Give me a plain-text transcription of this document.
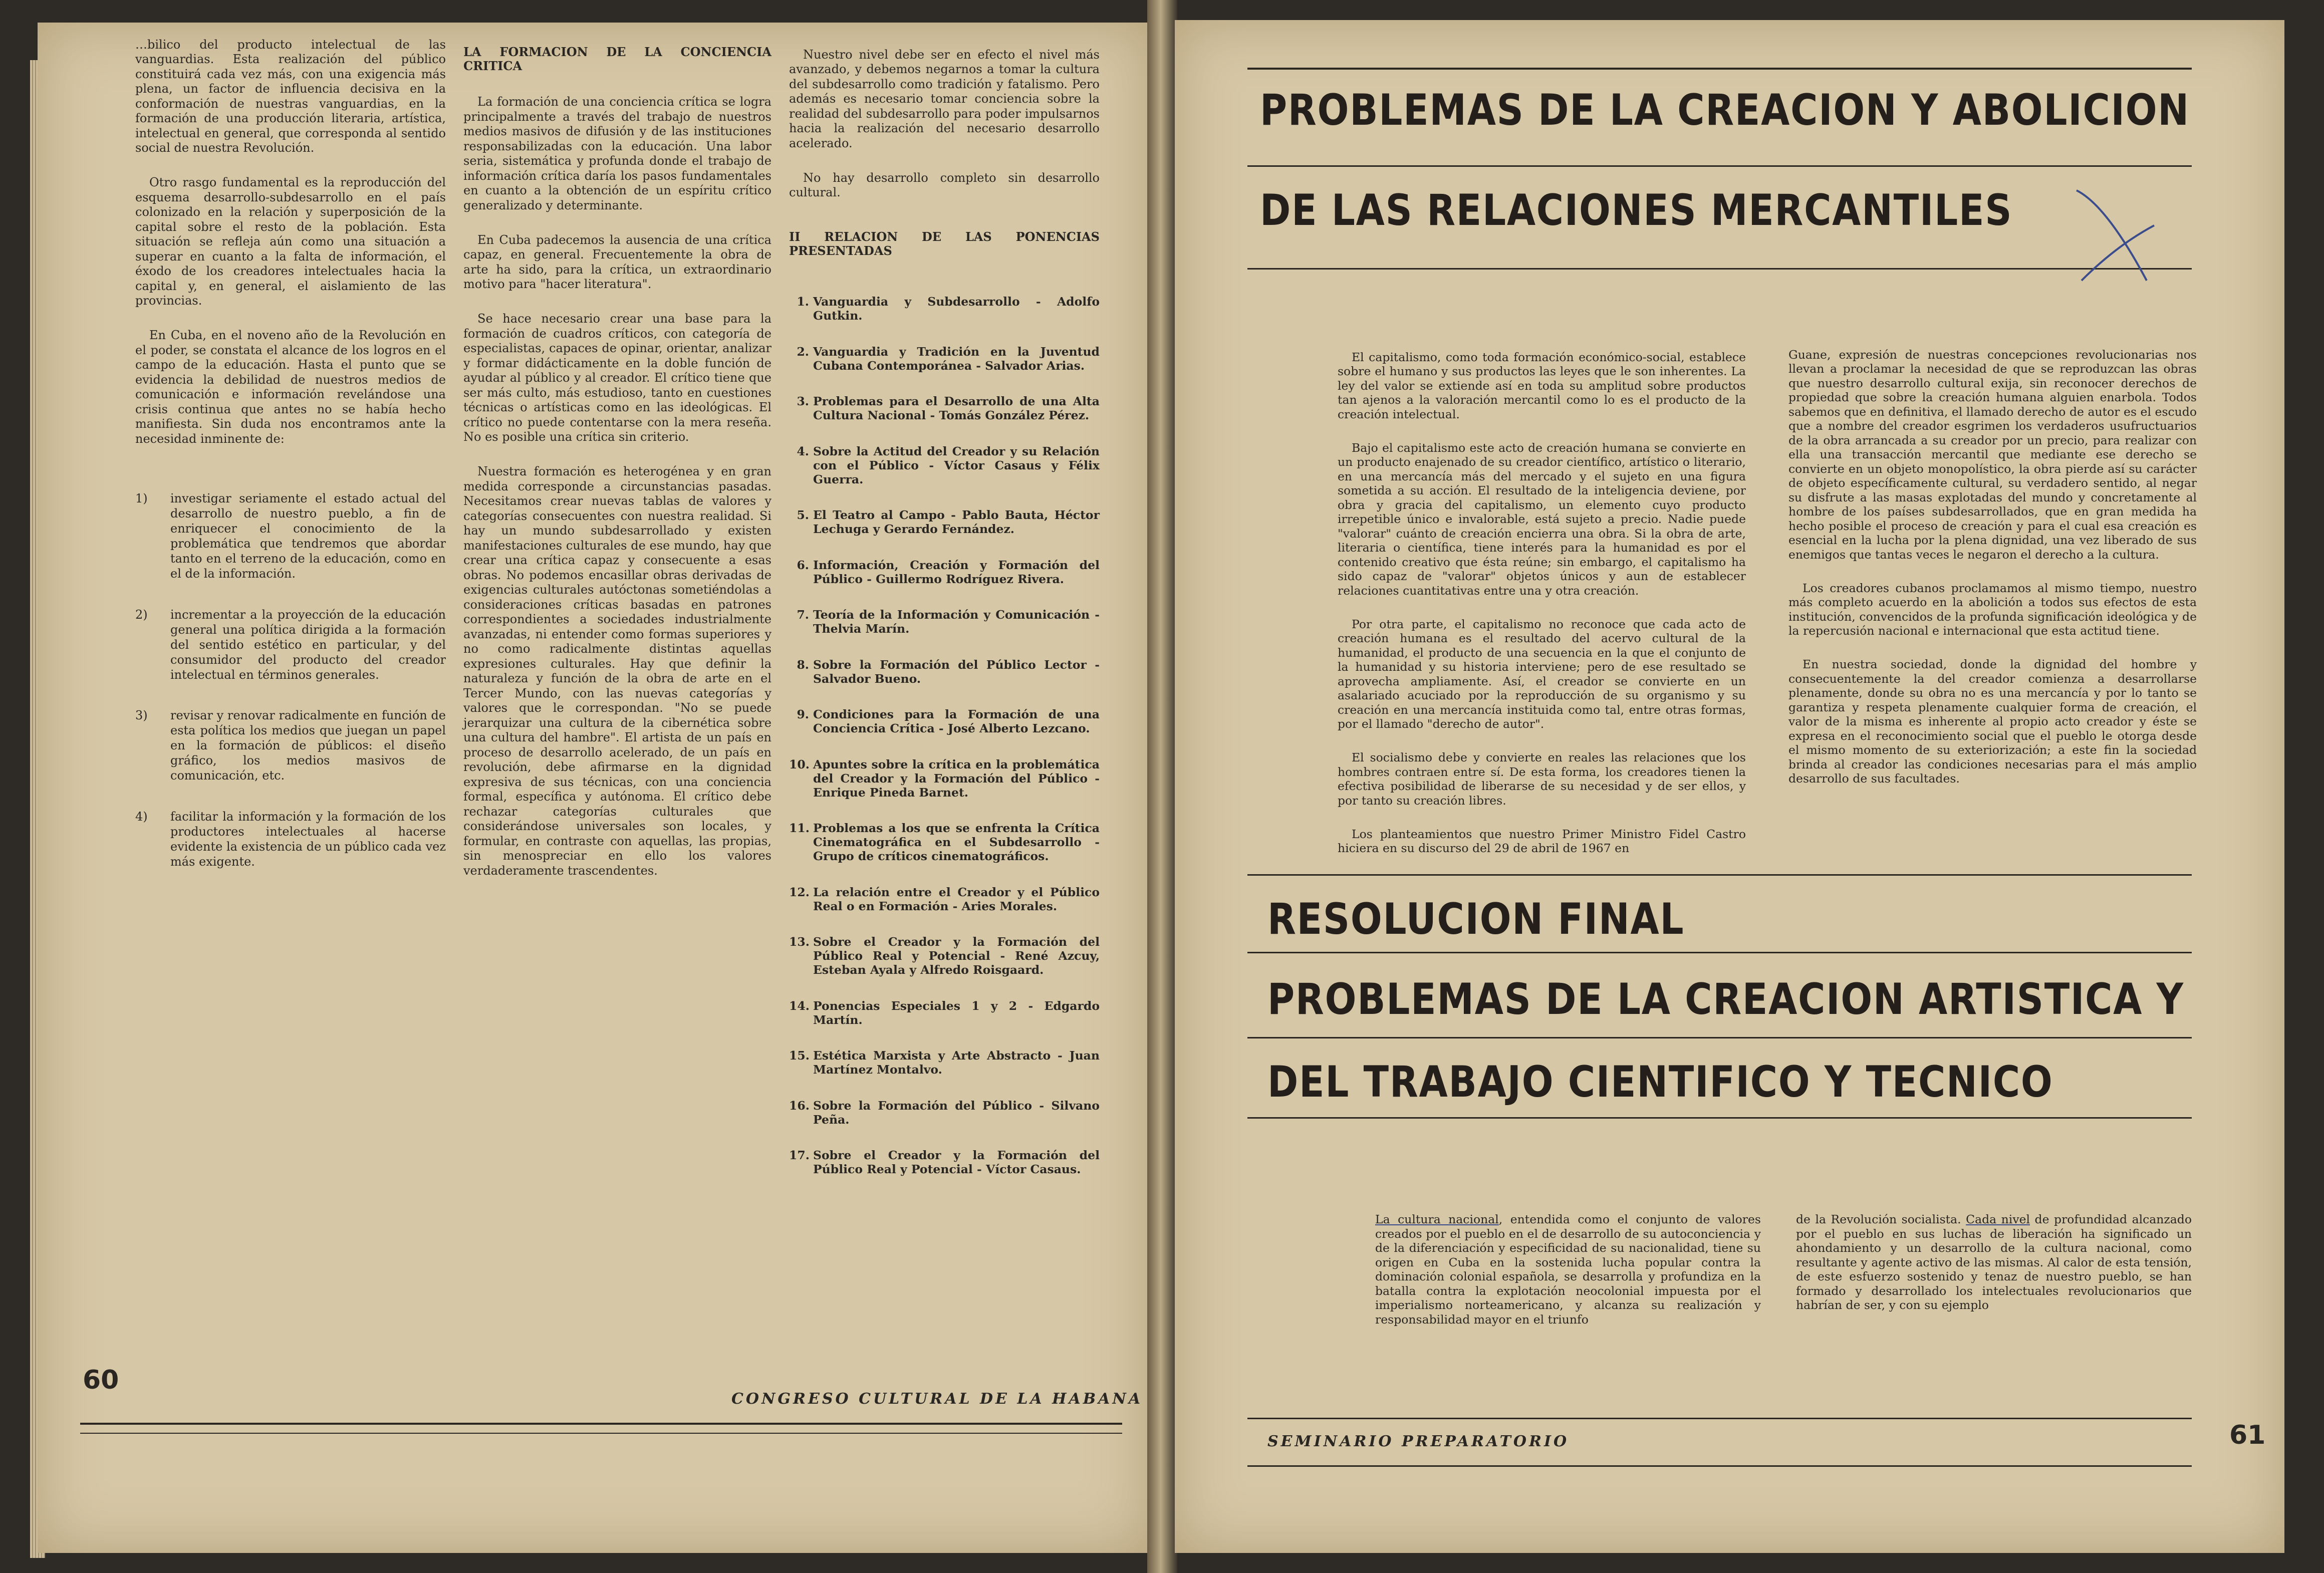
…bilico del producto intelectual de las vanguardias. Esta realización del público constituirá cada vez más, con una exigencia más plena, un factor de influencia decisiva en la conformación de nuestras vanguardias, en la formación de una producción literaria, artística, intelectual en general, que corresponda al sentido social de nuestra Revolución.

Otro rasgo fundamental es la reproducción del esquema desarrollo-subdesarrollo en el país colonizado en la relación y superposición de la capital sobre el resto de la población. Esta situación se refleja aún como una situación a superar en cuanto a la falta de información, el éxodo de los creadores intelectuales hacia la capital y, en general, el aislamiento de las provincias.

En Cuba, en el noveno año de la Revolución en el poder, se constata el alcance de los logros en el campo de la educación. Hasta el punto que se evidencia la debilidad de nuestros medios de comunicación e información revelándose una crisis continua que antes no se había hecho manifiesta. Sin duda nos encontramos ante la necesidad inminente de:

1)	investigar seriamente el estado actual del desarrollo de nuestro pueblo, a fin de enriquecer el conocimiento de la problemática que tendremos que abordar tanto en el terreno de la educación, como en el de la información.

2)	incrementar a la proyección de la educación general una política dirigida a la formación del sentido estético en particular, y del consumidor del producto del creador intelectual en términos generales.

3)	revisar y renovar radicalmente en función de esta política los medios que juegan un papel en la formación de públicos: el diseño gráfico, los medios masivos de comunicación, etc.

4)	facilitar la información y la formación de los productores intelectuales al hacerse evidente la existencia de un público cada vez más exigente.

LA FORMACION DE LA CONCIENCIA CRITICA

La formación de una conciencia crítica se logra principalmente a través del trabajo de nuestros medios masivos de difusión y de las instituciones responsabilizadas con la educación. Una labor seria, sistemática y profunda donde el trabajo de información crítica daría los pasos fundamentales en cuanto a la obtención de un espíritu crítico generalizado y determinante.

En Cuba padecemos la ausencia de una crítica capaz, en general. Frecuentemente la obra de arte ha sido, para la crítica, un extraordinario motivo para "hacer literatura".

Se hace necesario crear una base para la formación de cuadros críticos, con categoría de especialistas, capaces de opinar, orientar, analizar y formar didácticamente en la doble función de ayudar al público y al creador. El crítico tiene que ser más culto, más estudioso, tanto en cuestiones técnicas o artísticas como en las ideológicas. El crítico no puede contentarse con la mera reseña. No es posible una crítica sin criterio.

Nuestra formación es heterogénea y en gran medida corresponde a circunstancias pasadas. Necesitamos crear nuevas tablas de valores y categorías consecuentes con nuestra realidad. Si hay un mundo subdesarrollado y existen manifestaciones culturales de ese mundo, hay que crear una crítica capaz y consecuente a esas obras. No podemos encasillar obras derivadas de exigencias culturales autóctonas sometiéndolas a consideraciones críticas basadas en patrones correspondientes a sociedades industrialmente avanzadas, ni entender como formas superiores y no como radicalmente distintas aquellas expresiones culturales. Hay que definir la naturaleza y función de la obra de arte en el Tercer Mundo, con las nuevas categorías y valores que le correspondan. "No se puede jerarquizar una cultura de la cibernética sobre una cultura del hambre". El artista de un país en proceso de desarrollo acelerado, de un país en revolución, debe afirmarse en la dignidad expresiva de sus técnicas, con una conciencia formal, específica y autónoma. El crítico debe rechazar categorías culturales que considerándose universales son locales, y formular, en contraste con aquellas, las propias, sin menospreciar en ello los valores verdaderamente trascendentes.

Nuestro nivel debe ser en efecto el nivel más avanzado, y debemos negarnos a tomar la cultura del subdesarrollo como tradición y fatalismo. Pero además es necesario tomar conciencia sobre la realidad del subdesarrollo para poder impulsarnos hacia la realización del necesario desarrollo acelerado.

No hay desarrollo completo sin desarrollo cultural.

II RELACION DE LAS PONENCIAS PRESENTADAS

1. Vanguardia y Subdesarrollo - Adolfo Gutkin.

2. Vanguardia y Tradición en la Juventud Cubana Contemporánea - Salvador Arias.

3. Problemas para el Desarrollo de una Alta Cultura Nacional - Tomás González Pérez.

4. Sobre la Actitud del Creador y su Relación con el Público - Víctor Casaus y Félix Guerra.

5. El Teatro al Campo - Pablo Bauta, Héctor Lechuga y Gerardo Fernández.

6. Información, Creación y Formación del Público - Guillermo Rodríguez Rivera.

7. Teoría de la Información y Comunicación - Thelvia Marín.

8. Sobre la Formación del Público Lector - Salvador Bueno.

9. Condiciones para la Formación de una Conciencia Crítica - José Alberto Lezcano.

10. Apuntes sobre la crítica en la problemática del Creador y la Formación del Público - Enrique Pineda Barnet.

11. Problemas a los que se enfrenta la Crítica Cinematográfica en el Subdesarrollo - Grupo de críticos cinematográficos.

12. La relación entre el Creador y el Público Real o en Formación - Aries Morales.

13. Sobre el Creador y la Formación del Público Real y Potencial - René Azcuy, Esteban Ayala y Alfredo Roisgaard.

14. Ponencias Especiales 1 y 2 - Edgardo Martín.

15. Estética Marxista y Arte Abstracto - Juan Martínez Montalvo.

16. Sobre la Formación del Público - Silvano Peña.

17. Sobre el Creador y la Formación del Público Real y Potencial - Víctor Casaus.

60
CONGRESO CULTURAL DE LA HABANA
PROBLEMAS DE LA CREACION Y ABOLICION
DE LAS RELACIONES MERCANTILES

El capitalismo, como toda formación económico-social, establece sobre el humano y sus productos las leyes que le son inherentes. La ley del valor se extiende así en toda su amplitud sobre productos tan ajenos a la valoración mercantil como lo es el producto de la creación intelectual.

Bajo el capitalismo este acto de creación humana se convierte en un producto enajenado de su creador científico, artístico o literario, en una mercancía más del mercado y el sujeto en una figura sometida a su acción. El resultado de la inteligencia deviene, por obra y gracia del capitalismo, un elemento cuyo producto irrepetible único e invalorable, está sujeto a precio. Nadie puede "valorar" cuánto de creación encierra una obra. Si la obra de arte, literaria o científica, tiene interés para la humanidad es por el contenido creativo que ésta reúne; sin embargo, el capitalismo ha sido capaz de "valorar" objetos únicos y aun de establecer relaciones cuantitativas entre una y otra creación.

Por otra parte, el capitalismo no reconoce que cada acto de creación humana es el resultado del acervo cultural de la humanidad, el producto de una secuencia en la que el conjunto de la humanidad y su historia interviene; pero de ese resultado se aprovecha ampliamente. Así, el creador se convierte en un asalariado acuciado por la reproducción de su organismo y su creación en una mercancía instituida como tal, entre otras formas, por el llamado "derecho de autor".

El socialismo debe y convierte en reales las relaciones que los hombres contraen entre sí. De esta forma, los creadores tienen la efectiva posibilidad de liberarse de su necesidad y de ser ellos, y por tanto su creación libres.

Los planteamientos que nuestro Primer Ministro Fidel Castro hiciera en su discurso del 29 de abril de 1967 en

Guane, expresión de nuestras concepciones revolucionarias nos llevan a proclamar la necesidad de que se reproduzcan las obras que nuestro desarrollo cultural exija, sin reconocer derechos de propiedad que sobre la creación humana alguien enarbola. Todos sabemos que en definitiva, el llamado derecho de autor es el escudo que a nombre del creador esgrimen los verdaderos usufructuarios de la obra arrancada a su creador por un precio, para realizar con ella una transacción mercantil que mediante ese derecho se convierte en un objeto monopolístico, la obra pierde así su carácter de objeto específicamente cultural, su verdadero sentido, al negar su disfrute a las masas explotadas del mundo y concretamente al hombre de los países subdesarrollados, que en gran medida ha hecho posible el proceso de creación y para el cual esa creación es esencial en la lucha por la plena dignidad, una vez liberado de sus enemigos que tantas veces le negaron el derecho a la cultura.

Los creadores cubanos proclamamos al mismo tiempo, nuestro más completo acuerdo en la abolición a todos sus efectos de esta institución, convencidos de la profunda significación ideológica y de la repercusión nacional e internacional que esta actitud tiene.

En nuestra sociedad, donde la dignidad del hombre y consecuentemente la del creador comienza a desarrollarse plenamente, donde su obra no es una mercancía y por lo tanto se garantiza y respeta plenamente cualquier forma de creación, el valor de la misma es inherente al propio acto creador y éste se expresa en el reconocimiento social que el pueblo le otorga desde el mismo momento de su exteriorización; a este fin la sociedad brinda al creador las condiciones necesarias para el más amplio desarrollo de sus facultades.

RESOLUCION FINAL
PROBLEMAS DE LA CREACION ARTISTICA Y
DEL TRABAJO CIENTIFICO Y TECNICO
La cultura nacional, entendida como el conjunto de valores creados por el pueblo en el de desarrollo de su autoconciencia y de la diferenciación y especificidad de su nacionalidad, tiene su origen en Cuba en la sostenida lucha popular contra la dominación colonial española, se desarrolla y profundiza en la batalla contra la explotación neocolonial impuesta por el imperialismo norteamericano, y alcanza su realización y responsabilidad mayor en el triunfo
de la Revolución socialista. Cada nivel de profundidad alcanzado por el pueblo en sus luchas de liberación ha significado un ahondamiento y un desarrollo de la cultura nacional, como resultante y agente activo de las mismas. Al calor de esta tensión, de este esfuerzo sostenido y tenaz de nuestro pueblo, se han formado y desarrollado los intelectuales revolucionarios que habrían de ser, y con su ejemplo
SEMINARIO PREPARATORIO	61
